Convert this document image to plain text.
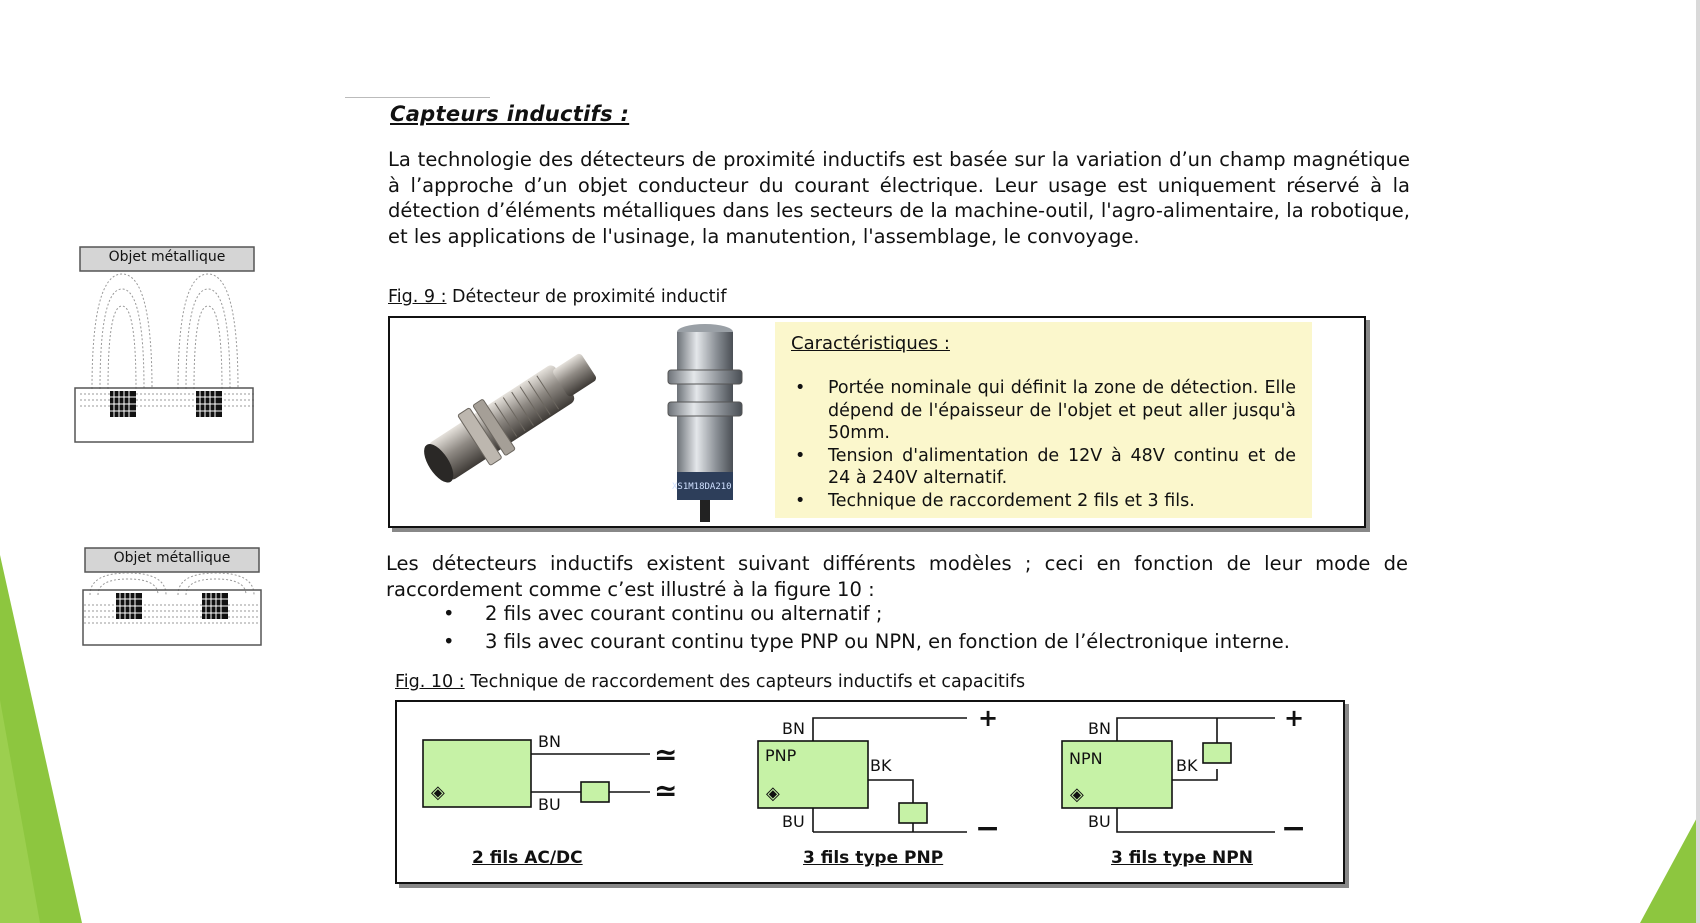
Capteurs inductifs :
La technologie des détecteurs de proximité inductifs est basée sur la variation d’un champ magnétique à l’approche d’un objet conducteur du courant électrique. Leur usage est uniquement réservé à la détection d’éléments métalliques dans les secteurs de la machine-outil, l'agro-alimentaire, la robotique, et les applications de l'usinage, la manutention, l'assemblage, le convoyage.
Fig. 9 : Détecteur de proximité inductif
XS1M18DA210
Caractéristiques :
• Portée nominale qui définit la zone de détection. Elle dépend de l'épaisseur de l'objet et peut aller jusqu'à 50mm.
• Tension d'alimentation de 12V à 48V continu et de 24 à 240V alternatif.
• Technique de raccordement 2 fils et 3 fils.
Objet métallique
Objet métallique	Les détecteurs inductifs existent suivant différents modèles ; ceci en fonction de leur mode de raccordement comme c’est illustré à la figure 10 :
• 2 fils avec courant continu ou alternatif ;
• 3 fils avec courant continu type PNP ou NPN, en fonction de l’électronique interne.
Fig. 10 : Technique de raccordement des capteurs inductifs et capacitifs
BN
BU
≃
≃
◈
2 fils AC/DC
BN
BK
BU
PNP
◈
+
−
3 fils type PNP
BN
BK
BU
NPN
◈
+
−
3 fils type NPN
